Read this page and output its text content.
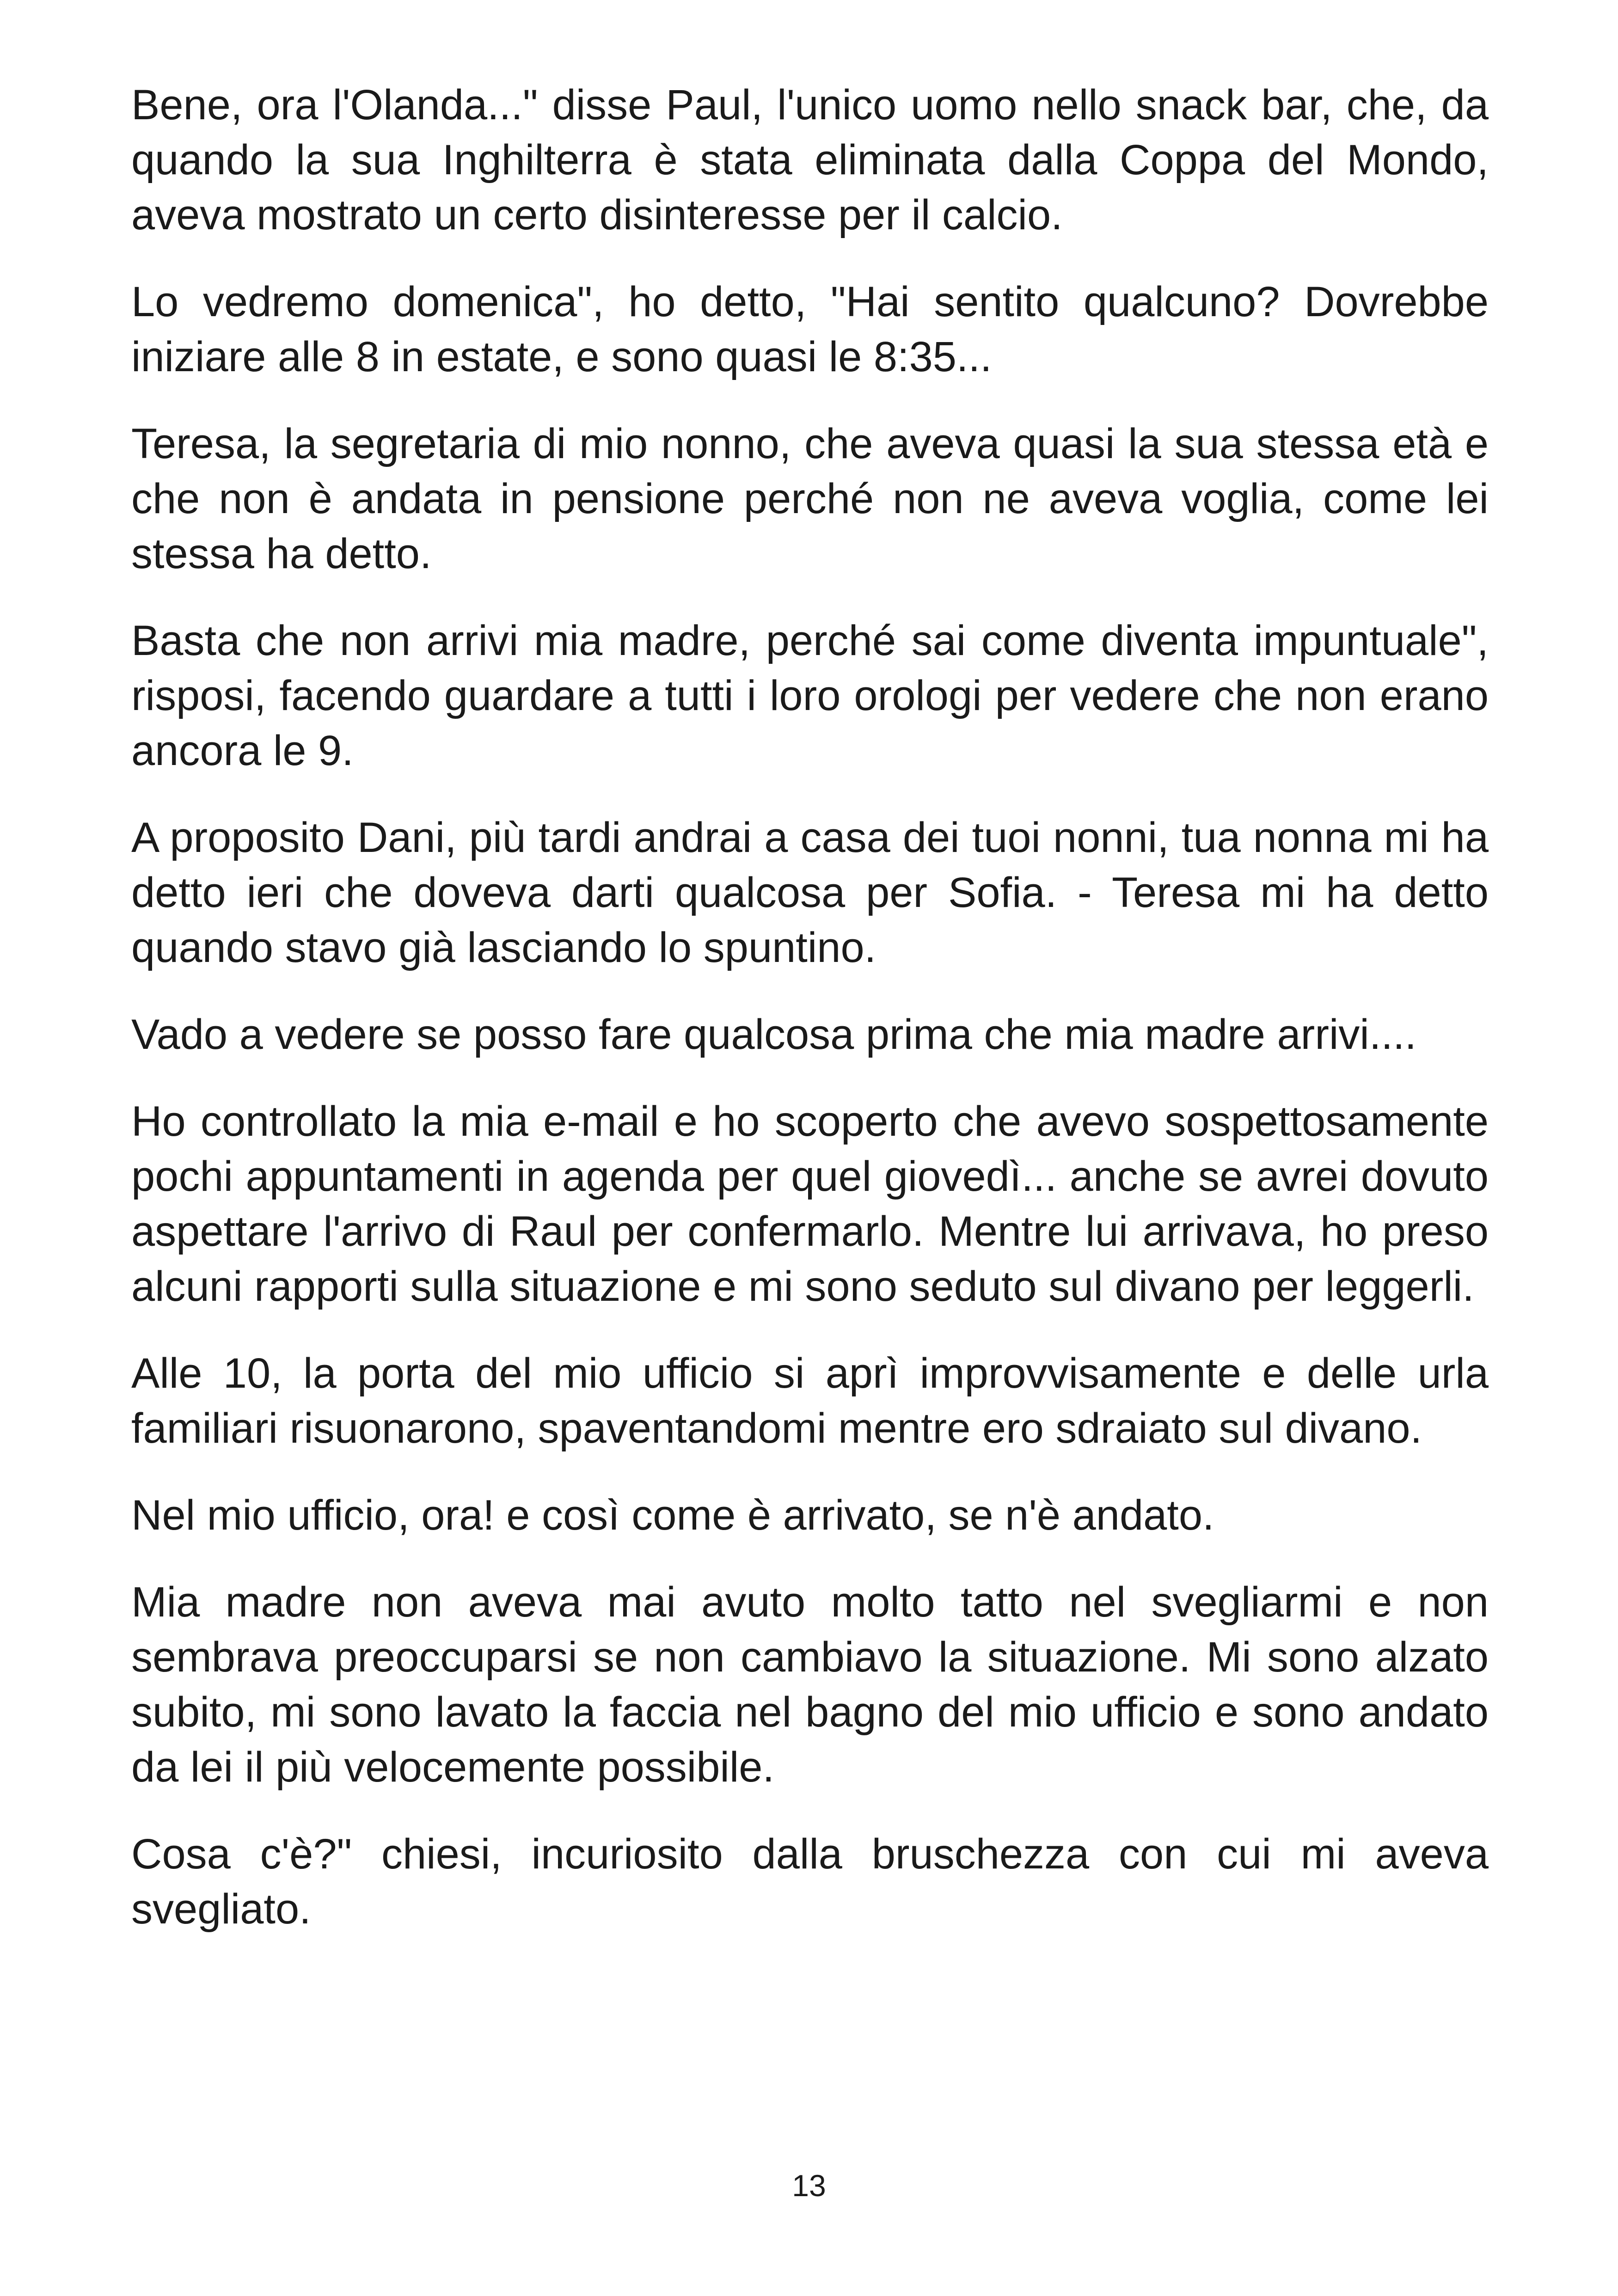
Bene, ora l'Olanda..." disse Paul, l'unico uomo nello snack bar, che, da quando la sua Inghilterra è stata eliminata dalla Coppa del Mondo, aveva mostrato un certo disinteresse per il calcio.

Lo vedremo domenica", ho detto, "Hai sentito qualcuno? Dovrebbe iniziare alle 8 in estate, e sono quasi le 8:35...

Teresa, la segretaria di mio nonno, che aveva quasi la sua stessa età e che non è andata in pensione perché non ne aveva voglia, come lei stessa ha detto.

Basta che non arrivi mia madre, perché sai come diventa impuntuale", risposi, facendo guardare a tutti i loro orologi per vedere che non erano ancora le 9.

A proposito Dani, più tardi andrai a casa dei tuoi nonni, tua nonna mi ha detto ieri che doveva darti qualcosa per Sofia. - Teresa mi ha detto quando stavo già lasciando lo spuntino.

Vado a vedere se posso fare qualcosa prima che mia madre arrivi....

Ho controllato la mia e-mail e ho scoperto che avevo sospettosamente pochi appuntamenti in agenda per quel giovedì... anche se avrei dovuto aspettare l'arrivo di Raul per confermarlo. Mentre lui arrivava, ho preso alcuni rapporti sulla situazione e mi sono seduto sul divano per leggerli.

Alle 10, la porta del mio ufficio si aprì improvvisamente e delle urla familiari risuonarono, spaventandomi mentre ero sdraiato sul divano.

Nel mio ufficio, ora! e così come è arrivato, se n'è andato.

Mia madre non aveva mai avuto molto tatto nel svegliarmi e non sembrava preoccuparsi se non cambiavo la situazione. Mi sono alzato subito, mi sono lavato la faccia nel bagno del mio ufficio e sono andato da lei il più velocemente possibile.

Cosa c'è?" chiesi, incuriosito dalla bruschezza con cui mi aveva svegliato.

13
